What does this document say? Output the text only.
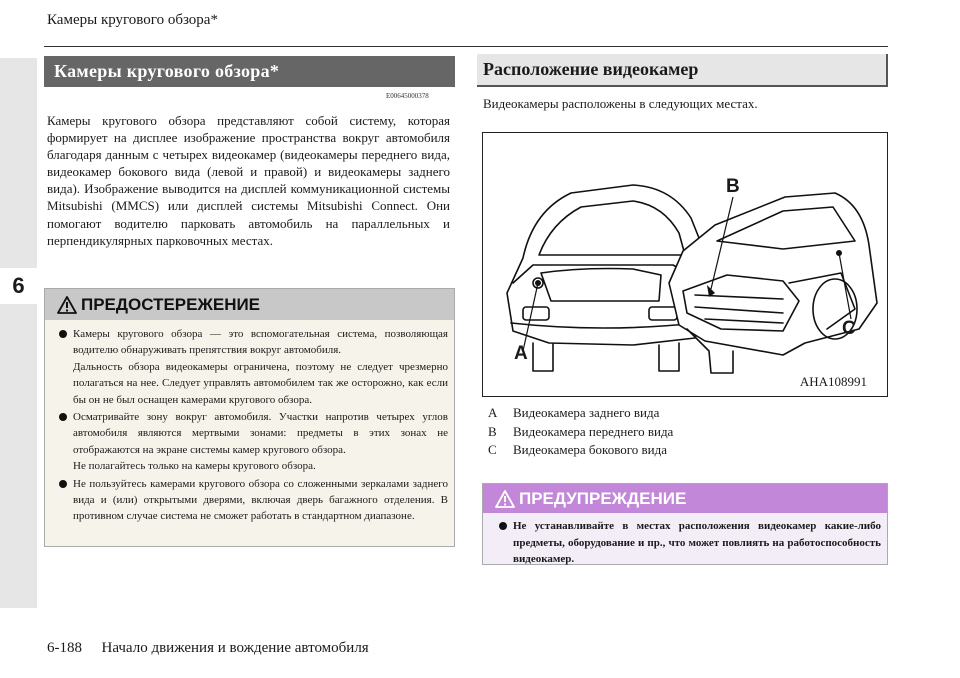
6
Камеры кругового обзора*
Камеры кругового обзора*
E00645000378

Камеры кругового обзора представляют собой систему, которая формирует на дисплее изображение пространства вокруг автомобиля благодаря данным с четырех видеокамер (видеокамеры переднего вида, видеокамер бокового вида (левой и правой) и видеокамеры заднего вида). Изображение выводится на дисплей коммуникационной системы Mitsubishi (MMCS) или дисплей системы Mitsubishi Connect. Они помогают водителю парковать автомобиль на параллельных и перпендикулярных парковочных местах.

ПРЕДОСТЕРЕЖЕНИЕ
Камеры кругового обзора — это вспомогательная система, позволяющая водителю обнаруживать препятствия вокруг автомобиля.
Дальность обзора видеокамеры ограничена, поэтому не следует чрезмерно полагаться на нее. Следует управлять автомобилем так же осторожно, как если бы он не был оснащен камерами кругового обзора.
Осматривайте зону вокруг автомобиля. Участки напротив четырех углов автомобиля являются мертвыми зонами: предметы в этих зонах не отображаются на экране системы камер кругового обзора.
Не полагайтесь только на камеры кругового обзора.
Не пользуйтесь камерами кругового обзора со сложенными зеркалами заднего вида и (или) открытыми дверями, включая дверь багажного отделения. В противном случае система не сможет работать в стандартном диапазоне.
Расположение видеокамер
Видеокамеры расположены в следующих местах.
A
B
C
AHA108991
A	Видеокамера заднего вида
B	Видеокамера переднего вида
C	Видеокамера бокового вида
ПРЕДУПРЕЖДЕНИЕ
Не устанавливайте в местах расположения видеокамер какие-либо предметы, оборудование и пр., что может повлиять на работоспособность видеокамер.
6-188 Начало движения и вождение автомобиля
